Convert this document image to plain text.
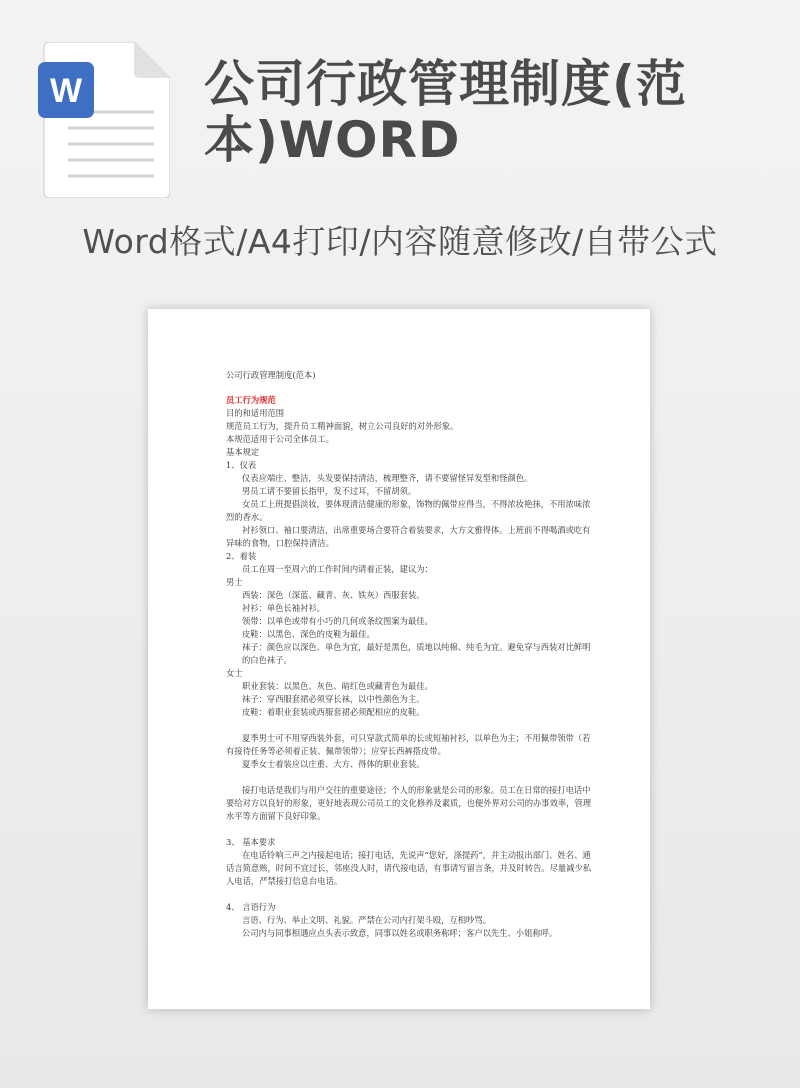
W 公司行政管理制度(范本)WORD
Word格式/A4打印/内容随意修改/自带公式

公司行政管理制度(范本)

员工行为规范

目的和适用范围

规范员工行为，提升员工精神面貌，树立公司良好的对外形象。

本规范适用于公司全体员工。

基本规定

1、仪表

仪表应端庄、整洁，头发要保持清洁，梳理整齐，请不要留怪异发型和怪颜色。

男员工请不要留长指甲，发不过耳，不留胡须。

女员工上班提倡淡妆，要体现清洁健康的形象，饰物的佩带应得当，不得浓妆艳抹，不用浓味浓烈的香水。

衬衫领口、袖口要清洁，出席重要场合要符合着装要求，大方文雅得体。上班前不得喝酒或吃有异味的食物，口腔保持清洁。

2、着装

员工在周一至周六的工作时间内请着正装，建议为：

男士

西装：深色（深蓝、藏青、灰、铁灰）西服套装。

衬衫：单色长袖衬衫。

领带：以单色或带有小巧的几何或条纹图案为最佳。

皮鞋：以黑色、深色的皮鞋为最佳。

袜子：颜色应以深色、单色为宜，最好是黑色，质地以纯棉、纯毛为宜。避免穿与西装对比鲜明的白色袜子。

女士

职业套装：以黑色、灰色、暗红色或藏青色为最佳。

袜子：穿西服套裙必须穿长袜，以中性颜色为主。

皮鞋：着职业套装或西服套裙必须配相应的皮鞋。

夏季男士可不用穿西装外套，可只穿款式简单的长或短袖衬衫，以单色为主；不用佩带领带（若有接待任务等必须着正装、佩带领带）；应穿长西裤搭皮带。

夏季女士着装应以庄重、大方、得体的职业套装。

接打电话是我们与用户交往的重要途径；个人的形象就是公司的形象。员工在日常的接打电话中要给对方以良好的形象，更好地表现公司员工的文化修养及素质，也便外界对公司的办事效率，管理水平等方面留下良好印象。

3、 基本要求

在电话铃响三声之内接起电话；接打电话，先说声“您好，涤提药”，并主动报出部门、姓名、通话言简意赅，时间不宜过长，邻座没人时，请代接电话，有事请写留言条，并及时转告。尽量减少私人电话，严禁接打信息台电话。

4、 言语行为

言语、行为、举止文明、礼貌。严禁在公司内打架斗殴，互相吵骂。

公司内与同事相遇应点头表示致意，同事以姓名或职务称呼；客户以先生、小姐称呼。
